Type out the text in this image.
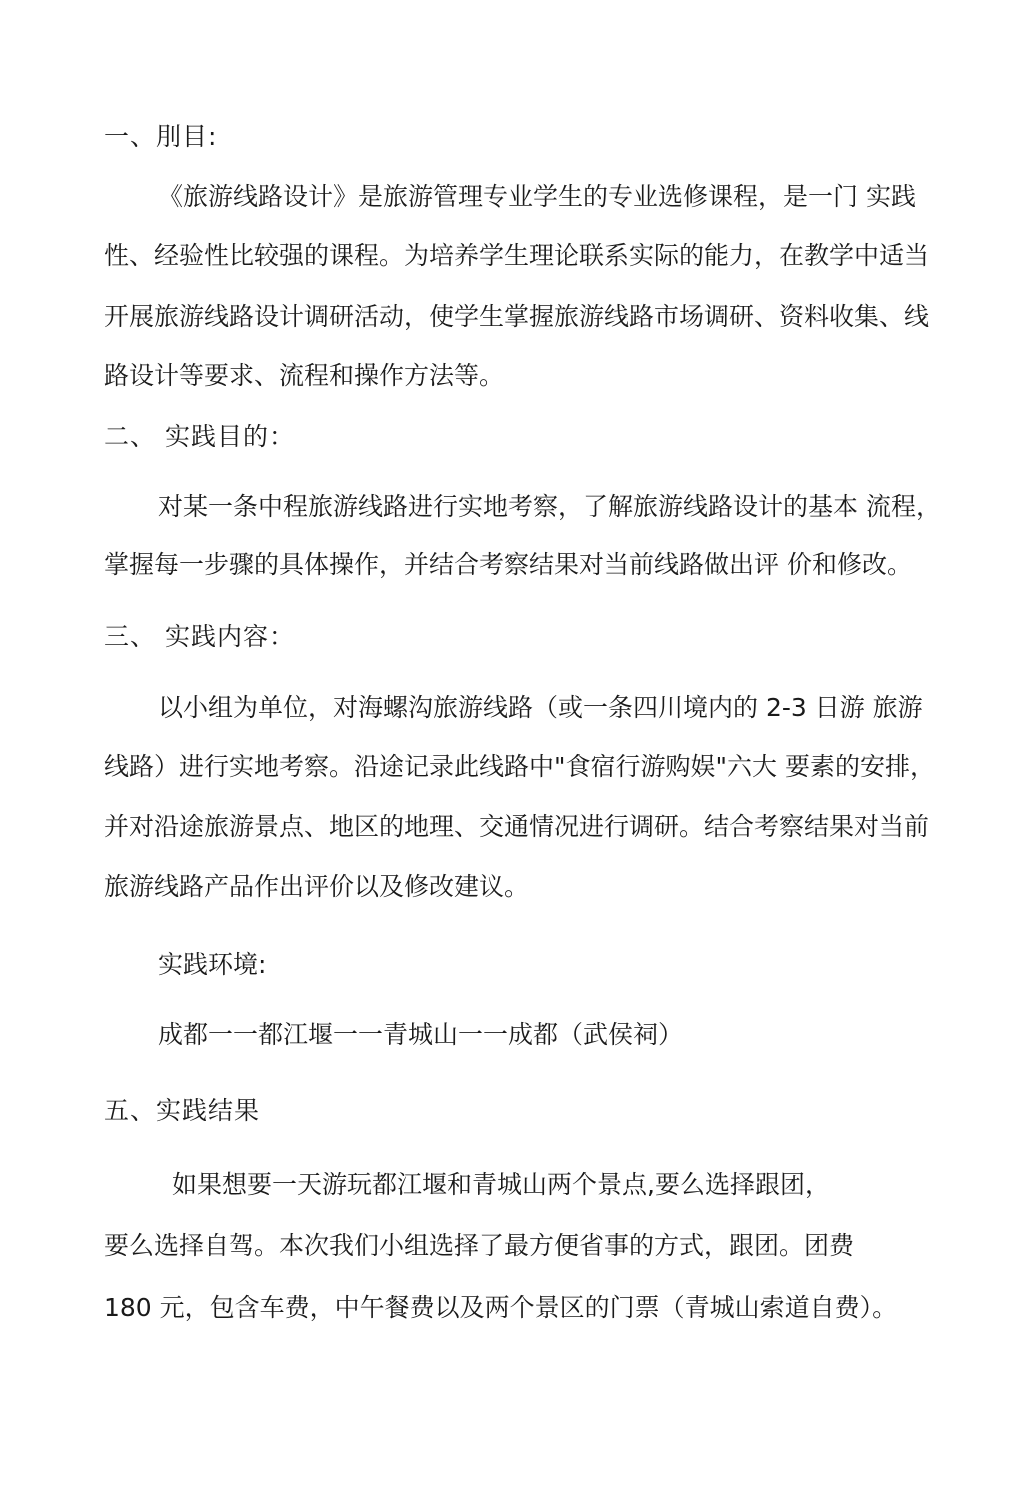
一、刖目:
《旅游线路设计》是旅游管理专业学生的专业选修课程，是一门 实践
性、经验性比较强的课程。为培养学生理论联系实际的能力，在教学中适当
开展旅游线路设计调研活动，使学生掌握旅游线路市场调研、资料收集、线
路设计等要求、流程和操作方法等。
二、 实践目的：
对某一条中程旅游线路进行实地考察，了解旅游线路设计的基本 流程，
掌握每一步骤的具体操作，并结合考察结果对当前线路做出评 价和修改。
三、 实践内容：
以小组为单位，对海螺沟旅游线路（或一条四川境内的 2-3 日游 旅游
线路）进行实地考察。沿途记录此线路中"食宿行游购娱"六大 要素的安排，
并对沿途旅游景点、地区的地理、交通情况进行调研。结合考察结果对当前
旅游线路产品作出评价以及修改建议。
实践环境:
成都一一都江堰一一青城山一一成都（武侯祠）
五、实践结果
如果想要一天游玩都江堰和青城山两个景点,要么选择跟团，
要么选择自驾。本次我们小组选择了最方便省事的方式，跟团。团费
180 元，包含车费，中午餐费以及两个景区的门票（青城山索道自费）。
